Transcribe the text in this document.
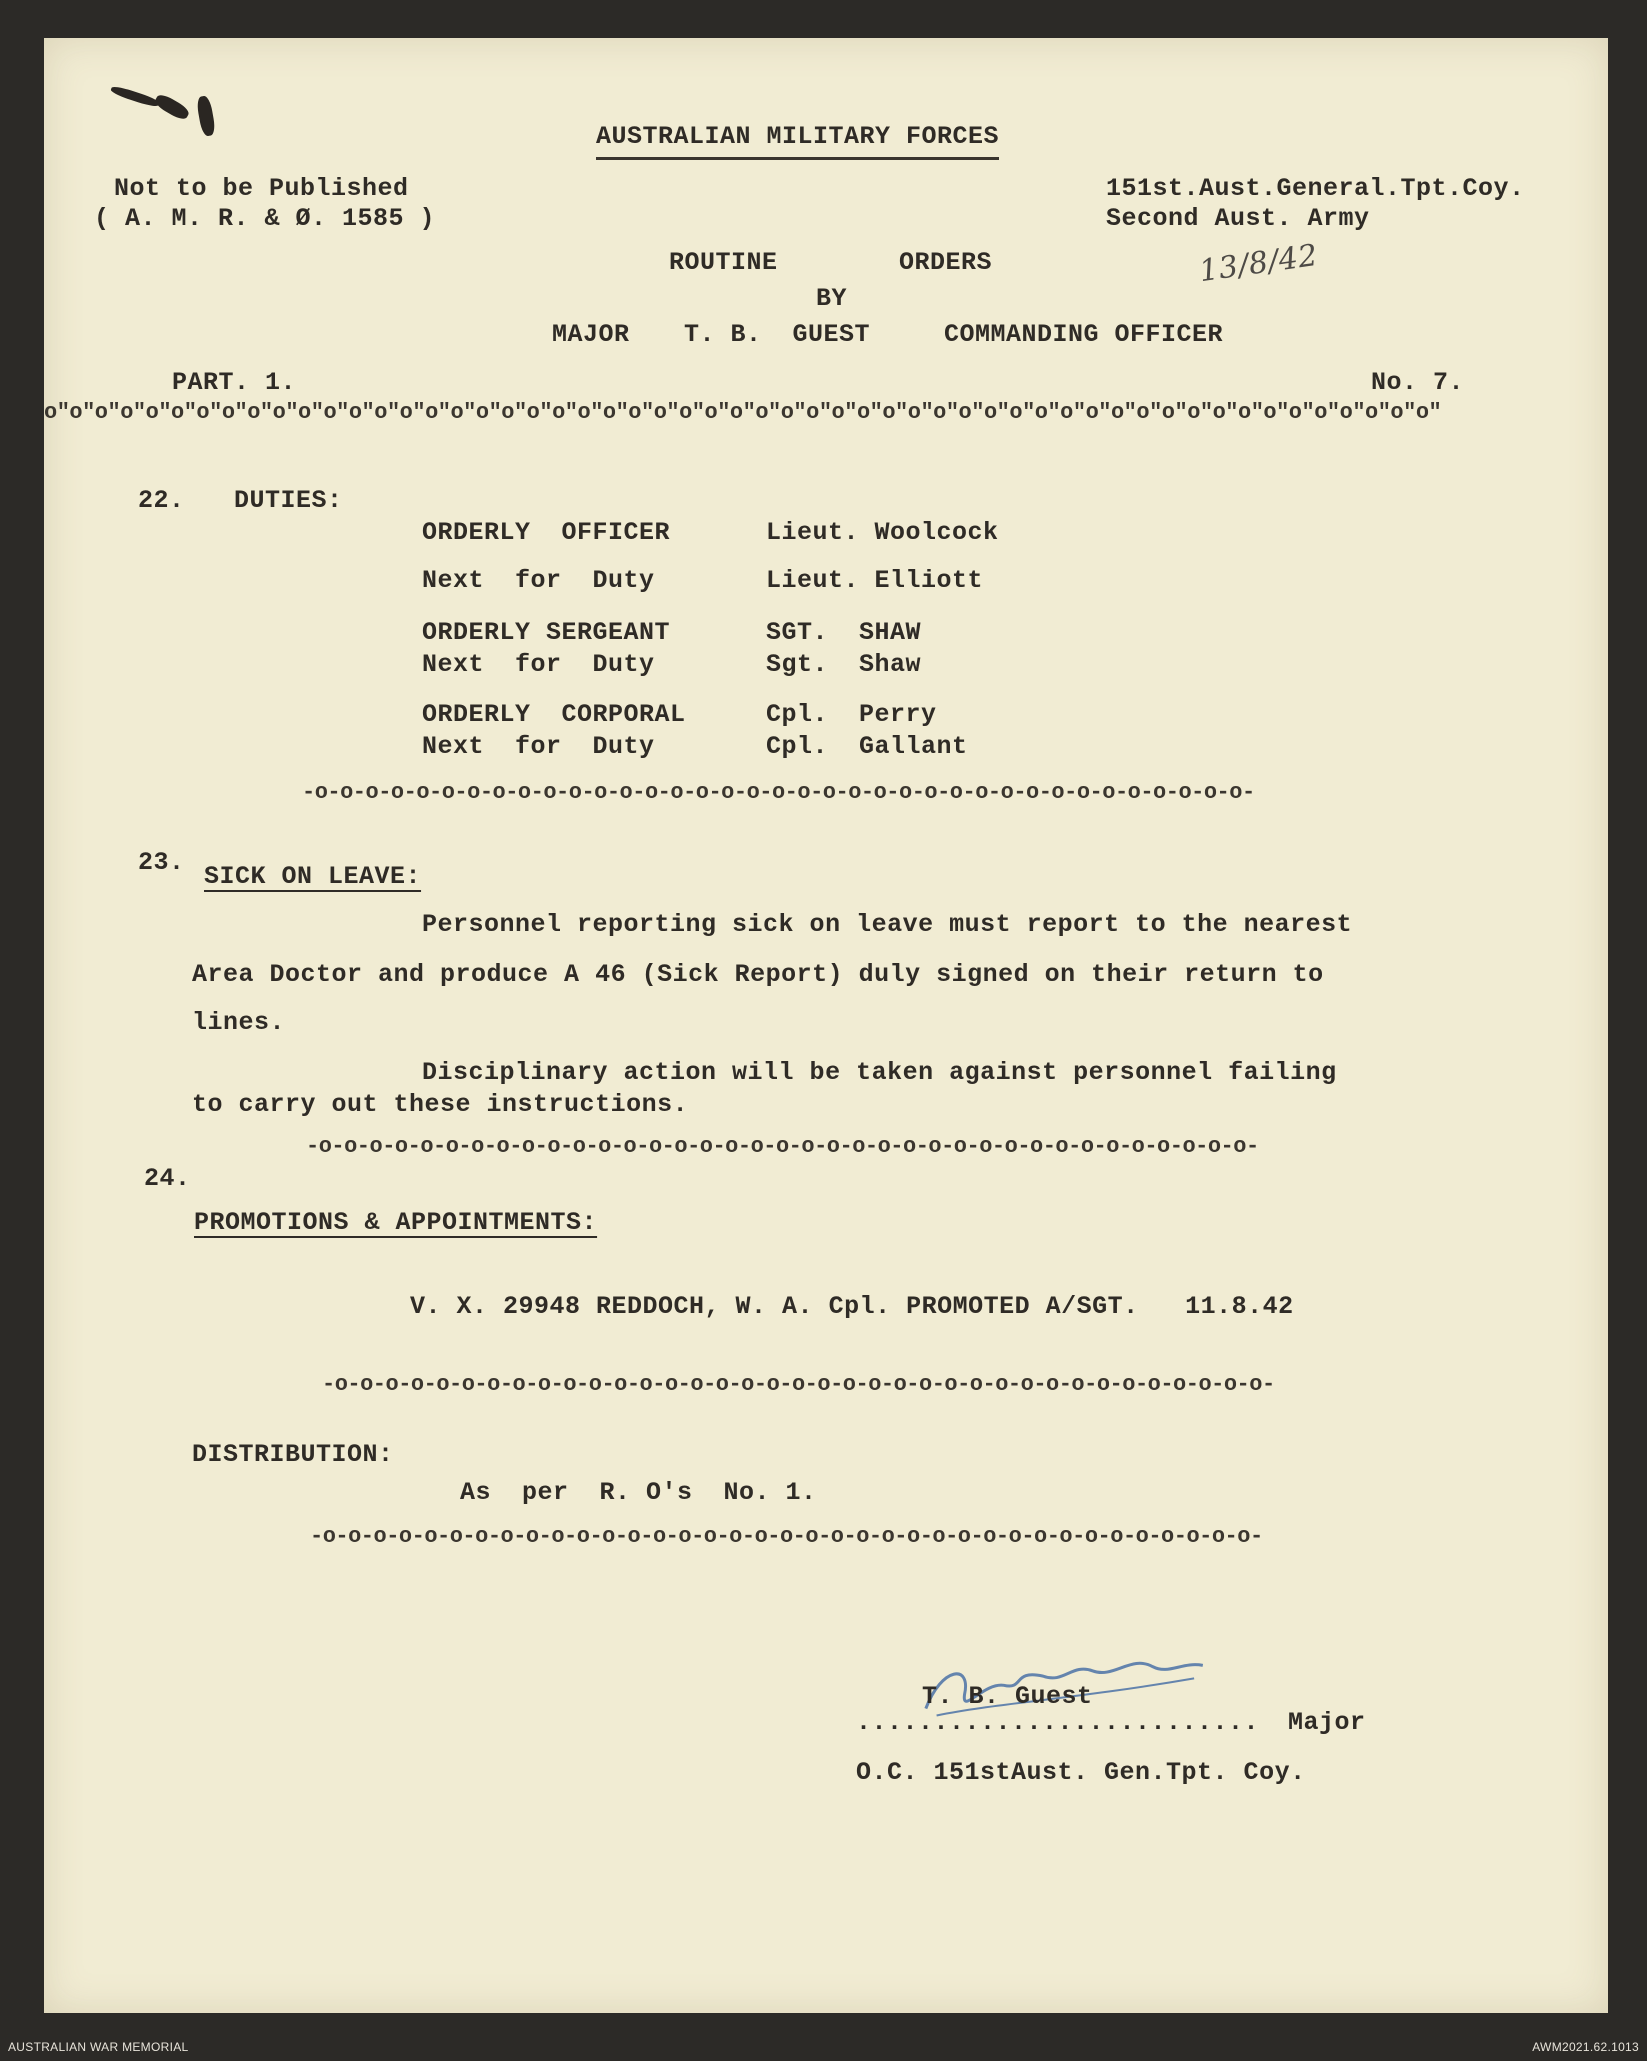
AUSTRALIAN MILITARY FORCES
Not to be Published
( A. M. R. & Ø. 1585 )
151st.Aust.General.Tpt.Coy.
Second Aust. Army
13/8/42
ROUTINE	ORDERS
BY
MAJOR T. B.  GUEST	COMMANDING OFFICER
PART. 1.	No. 7.
o"o"o"o"o"o"o"o"o"o"o"o"o"o"o"o"o"o"o"o"o"o"o"o"o"o"o"o"o"o"o"o"o"o"o"o"o"o"o"o"o"o"o"o"o"o"o"o"o"o"o"o"o"o"o"
22. DUTIES:
ORDERLY  OFFICER	Lieut. Woolcock
Next  for  Duty	Lieut. Elliott
ORDERLY SERGEANT	SGT.  SHAW
Next  for  Duty	Sgt.  Shaw
ORDERLY  CORPORAL	Cpl.  Perry
Next  for  Duty	Cpl.  Gallant
-o-o-o-o-o-o-o-o-o-o-o-o-o-o-o-o-o-o-o-o-o-o-o-o-o-o-o-o-o-o-o-o-o-o-o-o-o-
23. SICK ON LEAVE:
Personnel reporting sick on leave must report to the nearest
Area Doctor and produce A 46 (Sick Report) duly signed on their return to
lines.
Disciplinary action will be taken against personnel failing
to carry out these instructions.
-o-o-o-o-o-o-o-o-o-o-o-o-o-o-o-o-o-o-o-o-o-o-o-o-o-o-o-o-o-o-o-o-o-o-o-o-o-
24.
PROMOTIONS & APPOINTMENTS:
V. X. 29948 REDDOCH, W. A. Cpl. PROMOTED A/SGT.   11.8.42
-o-o-o-o-o-o-o-o-o-o-o-o-o-o-o-o-o-o-o-o-o-o-o-o-o-o-o-o-o-o-o-o-o-o-o-o-o-
DISTRIBUTION:
As  per  R. O's  No. 1.
-o-o-o-o-o-o-o-o-o-o-o-o-o-o-o-o-o-o-o-o-o-o-o-o-o-o-o-o-o-o-o-o-o-o-o-o-o-
T. B. Guest
.......................... Major
O.C. 151stAust. Gen.Tpt. Coy.
AUSTRALIAN WAR MEMORIAL	AWM2021.62.1013
